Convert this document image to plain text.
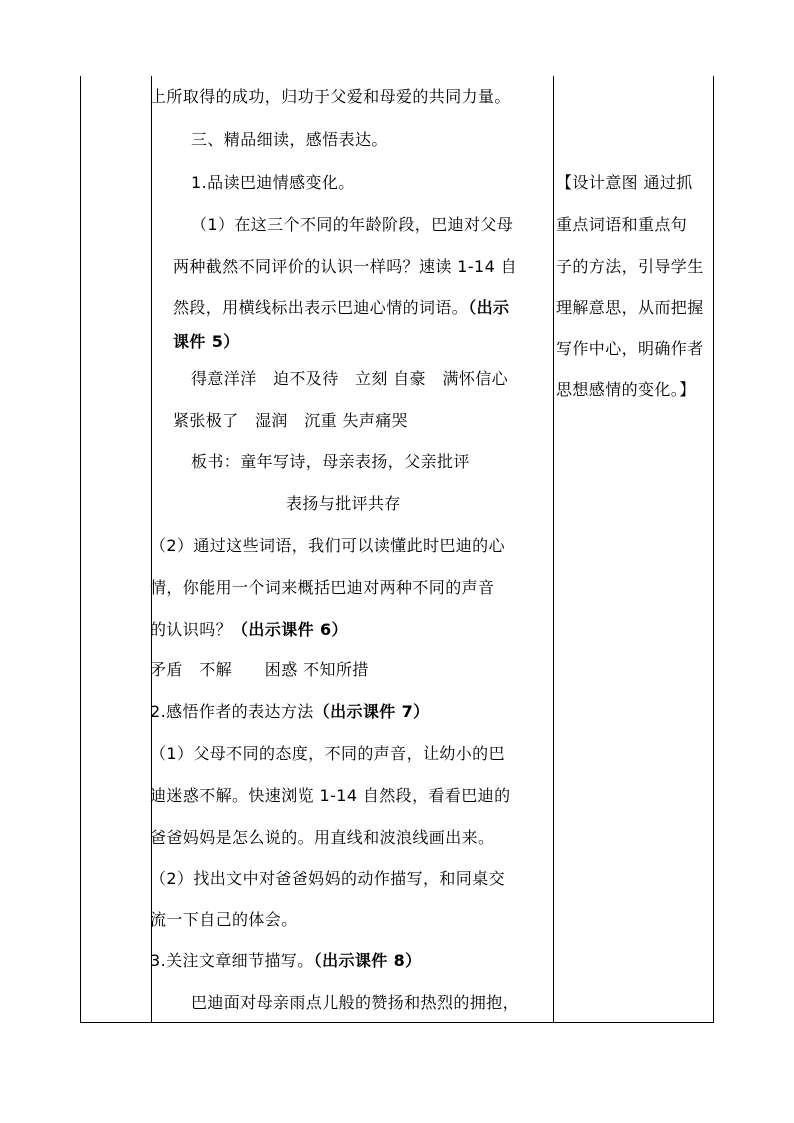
上所取得的成功，归功于父爱和母爱的共同力量。
三、精品细读，感悟表达。
1.品读巴迪情感变化。
（1）在这三个不同的年龄阶段，巴迪对父母
两种截然不同评价的认识一样吗？速读 1-14 自
然段，用横线标出表示巴迪心情的词语。（出示
课件 5）
得意洋洋　迫不及待　立刻 自豪　满怀信心
紧张极了　湿润　沉重 失声痛哭
板书：童年写诗，母亲表扬，父亲批评
表扬与批评共存
（2）通过这些词语，我们可以读懂此时巴迪的心
情，你能用一个词来概括巴迪对两种不同的声音
的认识吗？（出示课件 6）
矛盾　不解　　困惑 不知所措
2.感悟作者的表达方法（出示课件 7）
（1）父母不同的态度，不同的声音，让幼小的巴
迪迷惑不解。快速浏览 1-14 自然段，看看巴迪的
爸爸妈妈是怎么说的。用直线和波浪线画出来。
（2）找出文中对爸爸妈妈的动作描写，和同桌交
流一下自己的体会。
3.关注文章细节描写。（出示课件 8）
巴迪面对母亲雨点儿般的赞扬和热烈的拥抱，
【设计意图 通过抓
重点词语和重点句
子的方法，引导学生
理解意思，从而把握
写作中心，明确作者
思想感情的变化。】
